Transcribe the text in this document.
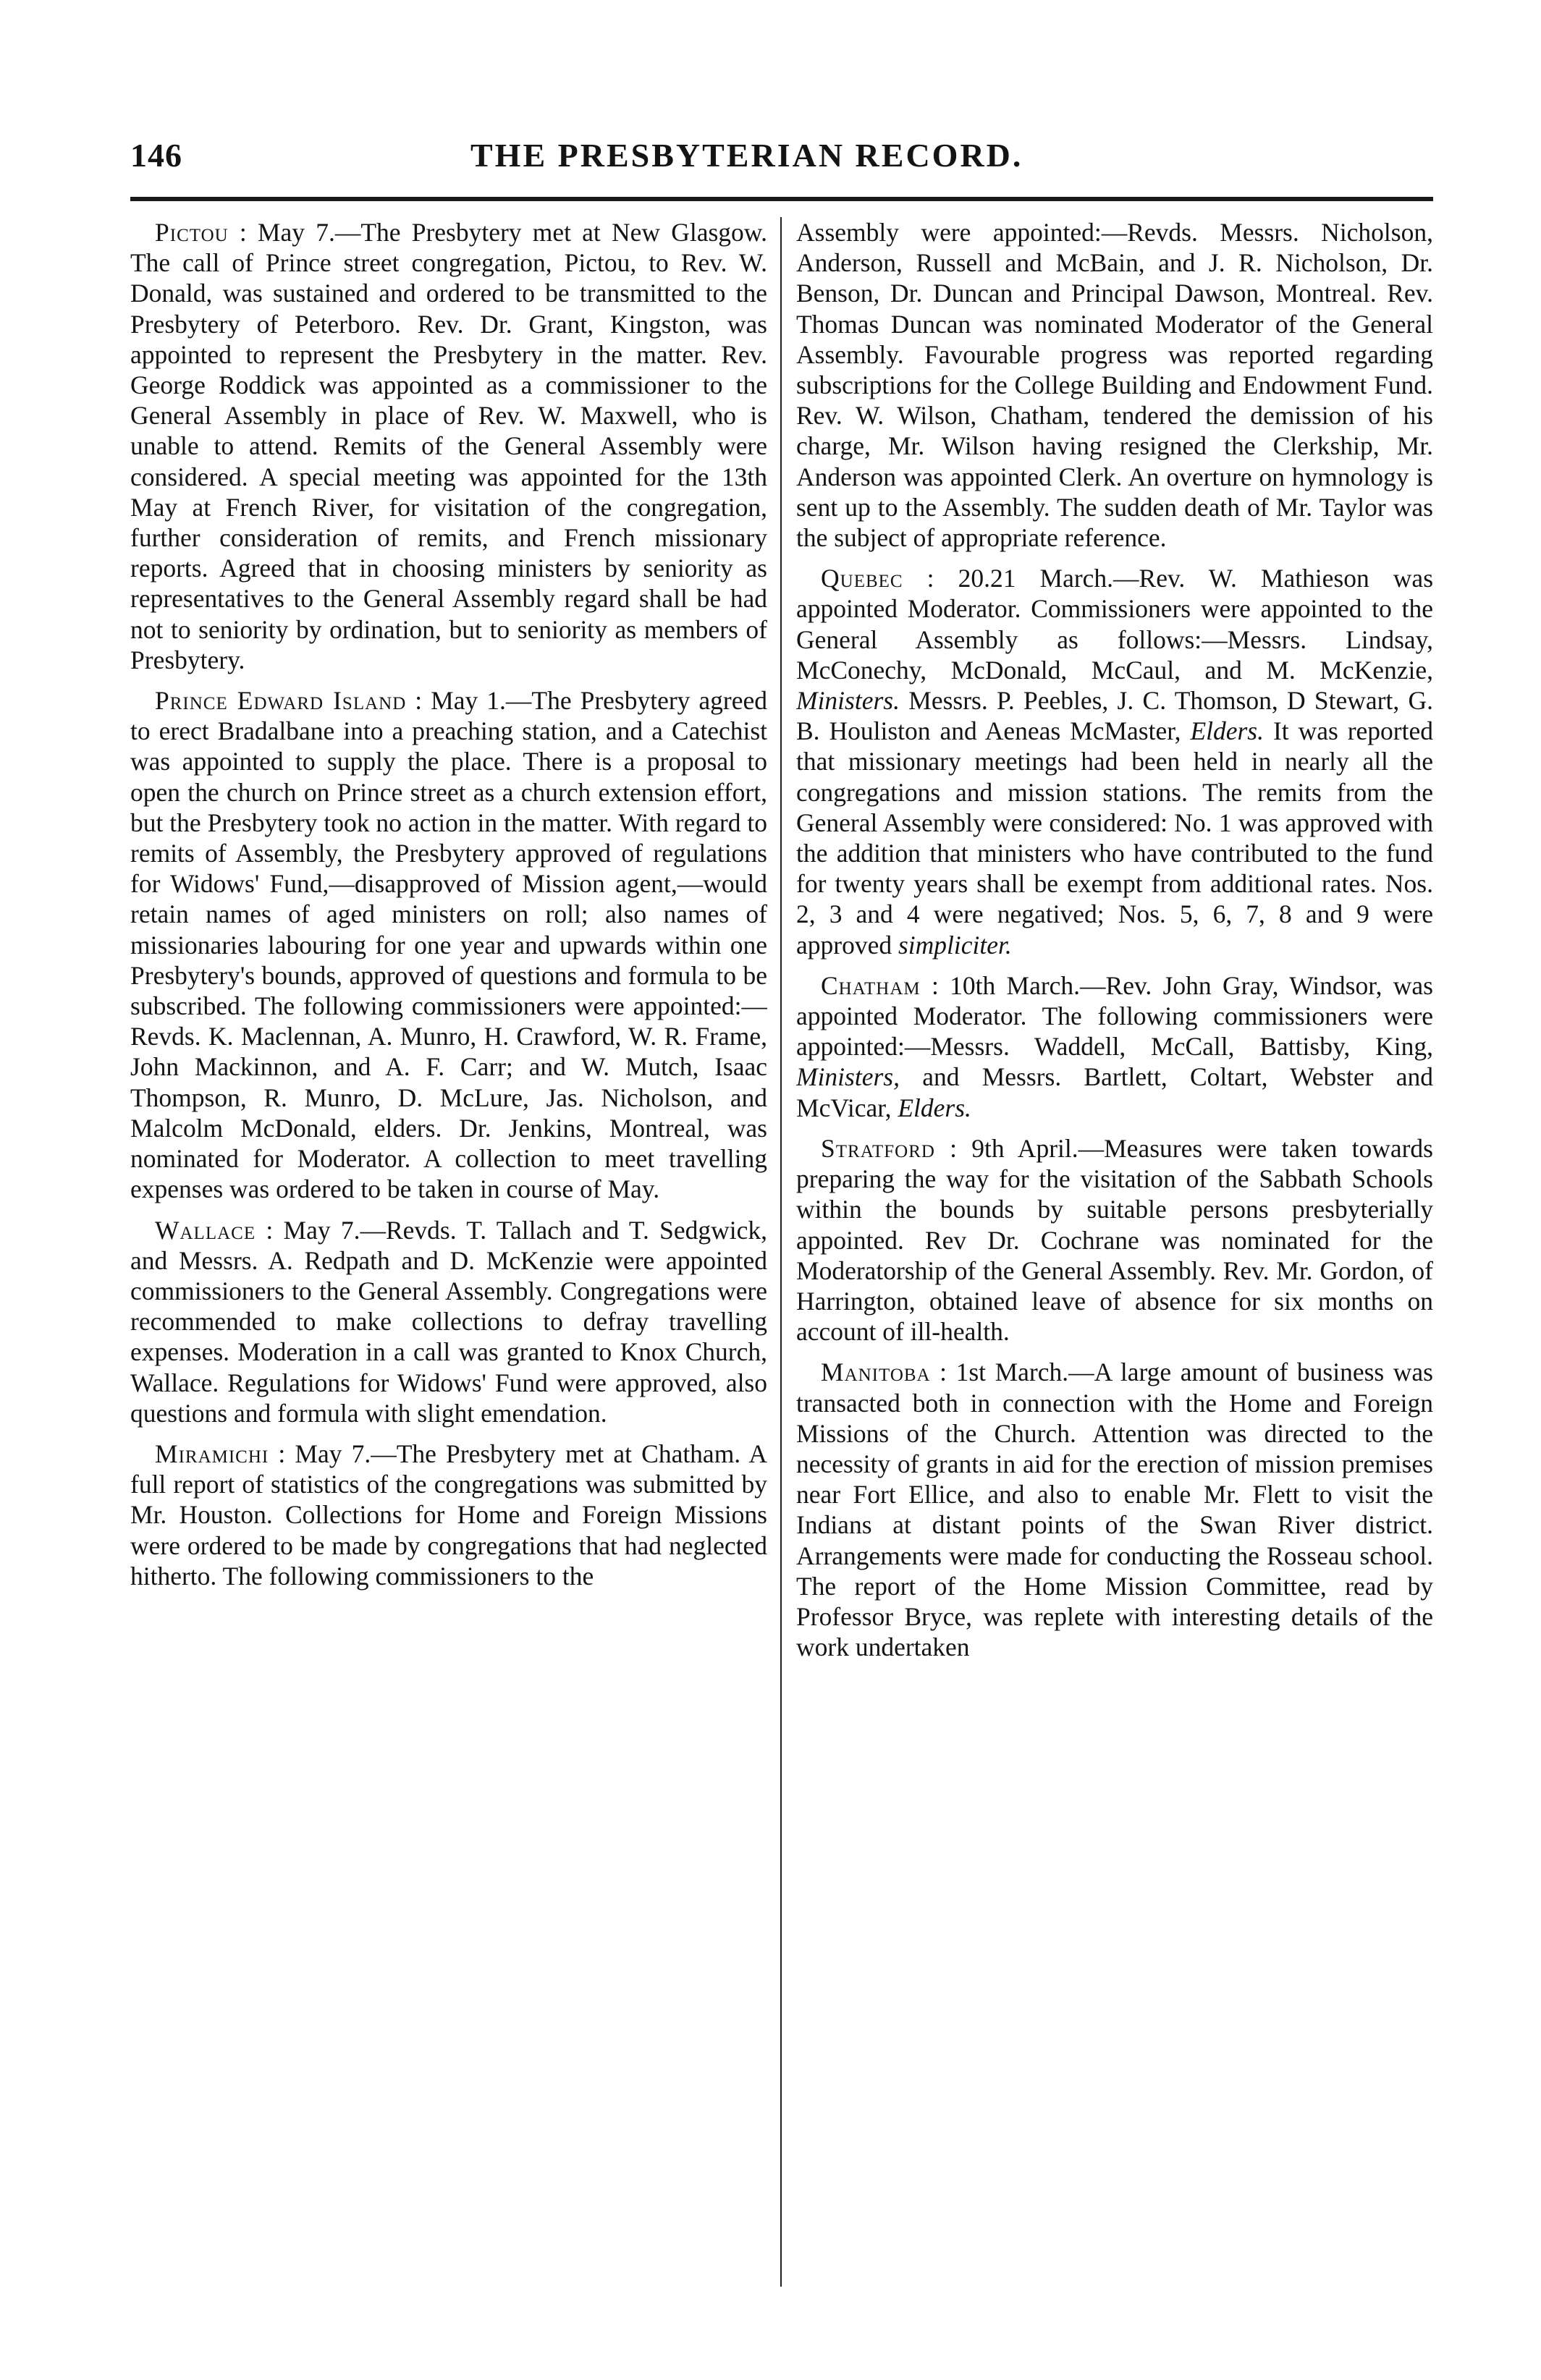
146	THE PRESBYTERIAN RECORD.

Pictou : May 7.—The Presbytery met at New Glasgow. The call of Prince street congregation, Pictou, to Rev. W. Donald, was sustained and ordered to be transmitted to the Presbytery of Peterboro. Rev. Dr. Grant, Kingston, was appointed to represent the Presbytery in the matter. Rev. George Roddick was appointed as a commissioner to the General Assembly in place of Rev. W. Maxwell, who is unable to attend. Remits of the General Assembly were considered. A special meeting was appointed for the 13th May at French River, for visitation of the congregation, further consideration of remits, and French missionary reports. Agreed that in choosing ministers by seniority as representatives to the General Assembly regard shall be had not to seniority by ordination, but to seniority as members of Presbytery.

Prince Edward Island : May 1.—The Presbytery agreed to erect Bradalbane into a preaching station, and a Catechist was appointed to supply the place. There is a proposal to open the church on Prince street as a church extension effort, but the Presbytery took no action in the matter. With regard to remits of Assembly, the Presbytery approved of regulations for Widows' Fund,—disapproved of Mission agent,—would retain names of aged ministers on roll; also names of missionaries labouring for one year and upwards within one Presbytery's bounds, approved of questions and formula to be subscribed. The following commissioners were appointed:—Revds. K. Maclennan, A. Munro, H. Crawford, W. R. Frame, John Mackinnon, and A. F. Carr; and W. Mutch, Isaac Thompson, R. Munro, D. McLure, Jas. Nicholson, and Malcolm McDonald, elders. Dr. Jenkins, Montreal, was nominated for Moderator. A collection to meet travelling expenses was ordered to be taken in course of May.

Wallace : May 7.—Revds. T. Tallach and T. Sedgwick, and Messrs. A. Redpath and D. McKenzie were appointed commissioners to the General Assembly. Congregations were recommended to make collections to defray travelling expenses. Moderation in a call was granted to Knox Church, Wallace. Regulations for Widows' Fund were approved, also questions and formula with slight emendation.

Miramichi : May 7.—The Presbytery met at Chatham. A full report of statistics of the congregations was submitted by Mr. Houston. Collections for Home and Foreign Missions were ordered to be made by congregations that had neglected hitherto. The following commissioners to the

Assembly were appointed:—Revds. Messrs. Nicholson, Anderson, Russell and McBain, and J. R. Nicholson, Dr. Benson, Dr. Duncan and Principal Dawson, Montreal. Rev. Thomas Duncan was nominated Moderator of the General Assembly. Favourable progress was reported regarding subscriptions for the College Building and Endowment Fund. Rev. W. Wilson, Chatham, tendered the demission of his charge, Mr. Wilson having resigned the Clerkship, Mr. Anderson was appointed Clerk. An overture on hymnology is sent up to the Assembly. The sudden death of Mr. Taylor was the subject of appropriate reference.

Quebec : 20.21 March.—Rev. W. Mathieson was appointed Moderator. Commissioners were appointed to the General Assembly as follows:—Messrs. Lindsay, McConechy, McDonald, McCaul, and M. McKenzie, Ministers. Messrs. P. Peebles, J. C. Thomson, D Stewart, G. B. Houliston and Aeneas McMaster, Elders. It was reported that missionary meetings had been held in nearly all the congregations and mission stations. The remits from the General Assembly were considered: No. 1 was approved with the addition that ministers who have contributed to the fund for twenty years shall be exempt from additional rates. Nos. 2, 3 and 4 were negatived; Nos. 5, 6, 7, 8 and 9 were approved simpliciter.

Chatham : 10th March.—Rev. John Gray, Windsor, was appointed Moderator. The following commissioners were appointed:—Messrs. Waddell, McCall, Battisby, King, Ministers, and Messrs. Bartlett, Coltart, Webster and McVicar, Elders.

Stratford : 9th April.—Measures were taken towards preparing the way for the visitation of the Sabbath Schools within the bounds by suitable persons presbyterially appointed. Rev Dr. Cochrane was nominated for the Moderatorship of the General Assembly. Rev. Mr. Gordon, of Harrington, obtained leave of absence for six months on account of ill-health.

Manitoba : 1st March.—A large amount of business was transacted both in connection with the Home and Foreign Missions of the Church. Attention was directed to the necessity of grants in aid for the erection of mission premises near Fort Ellice, and also to enable Mr. Flett to visit the Indians at distant points of the Swan River district. Arrangements were made for conducting the Rosseau school. The report of the Home Mission Committee, read by Professor Bryce, was replete with interesting details of the work undertaken
